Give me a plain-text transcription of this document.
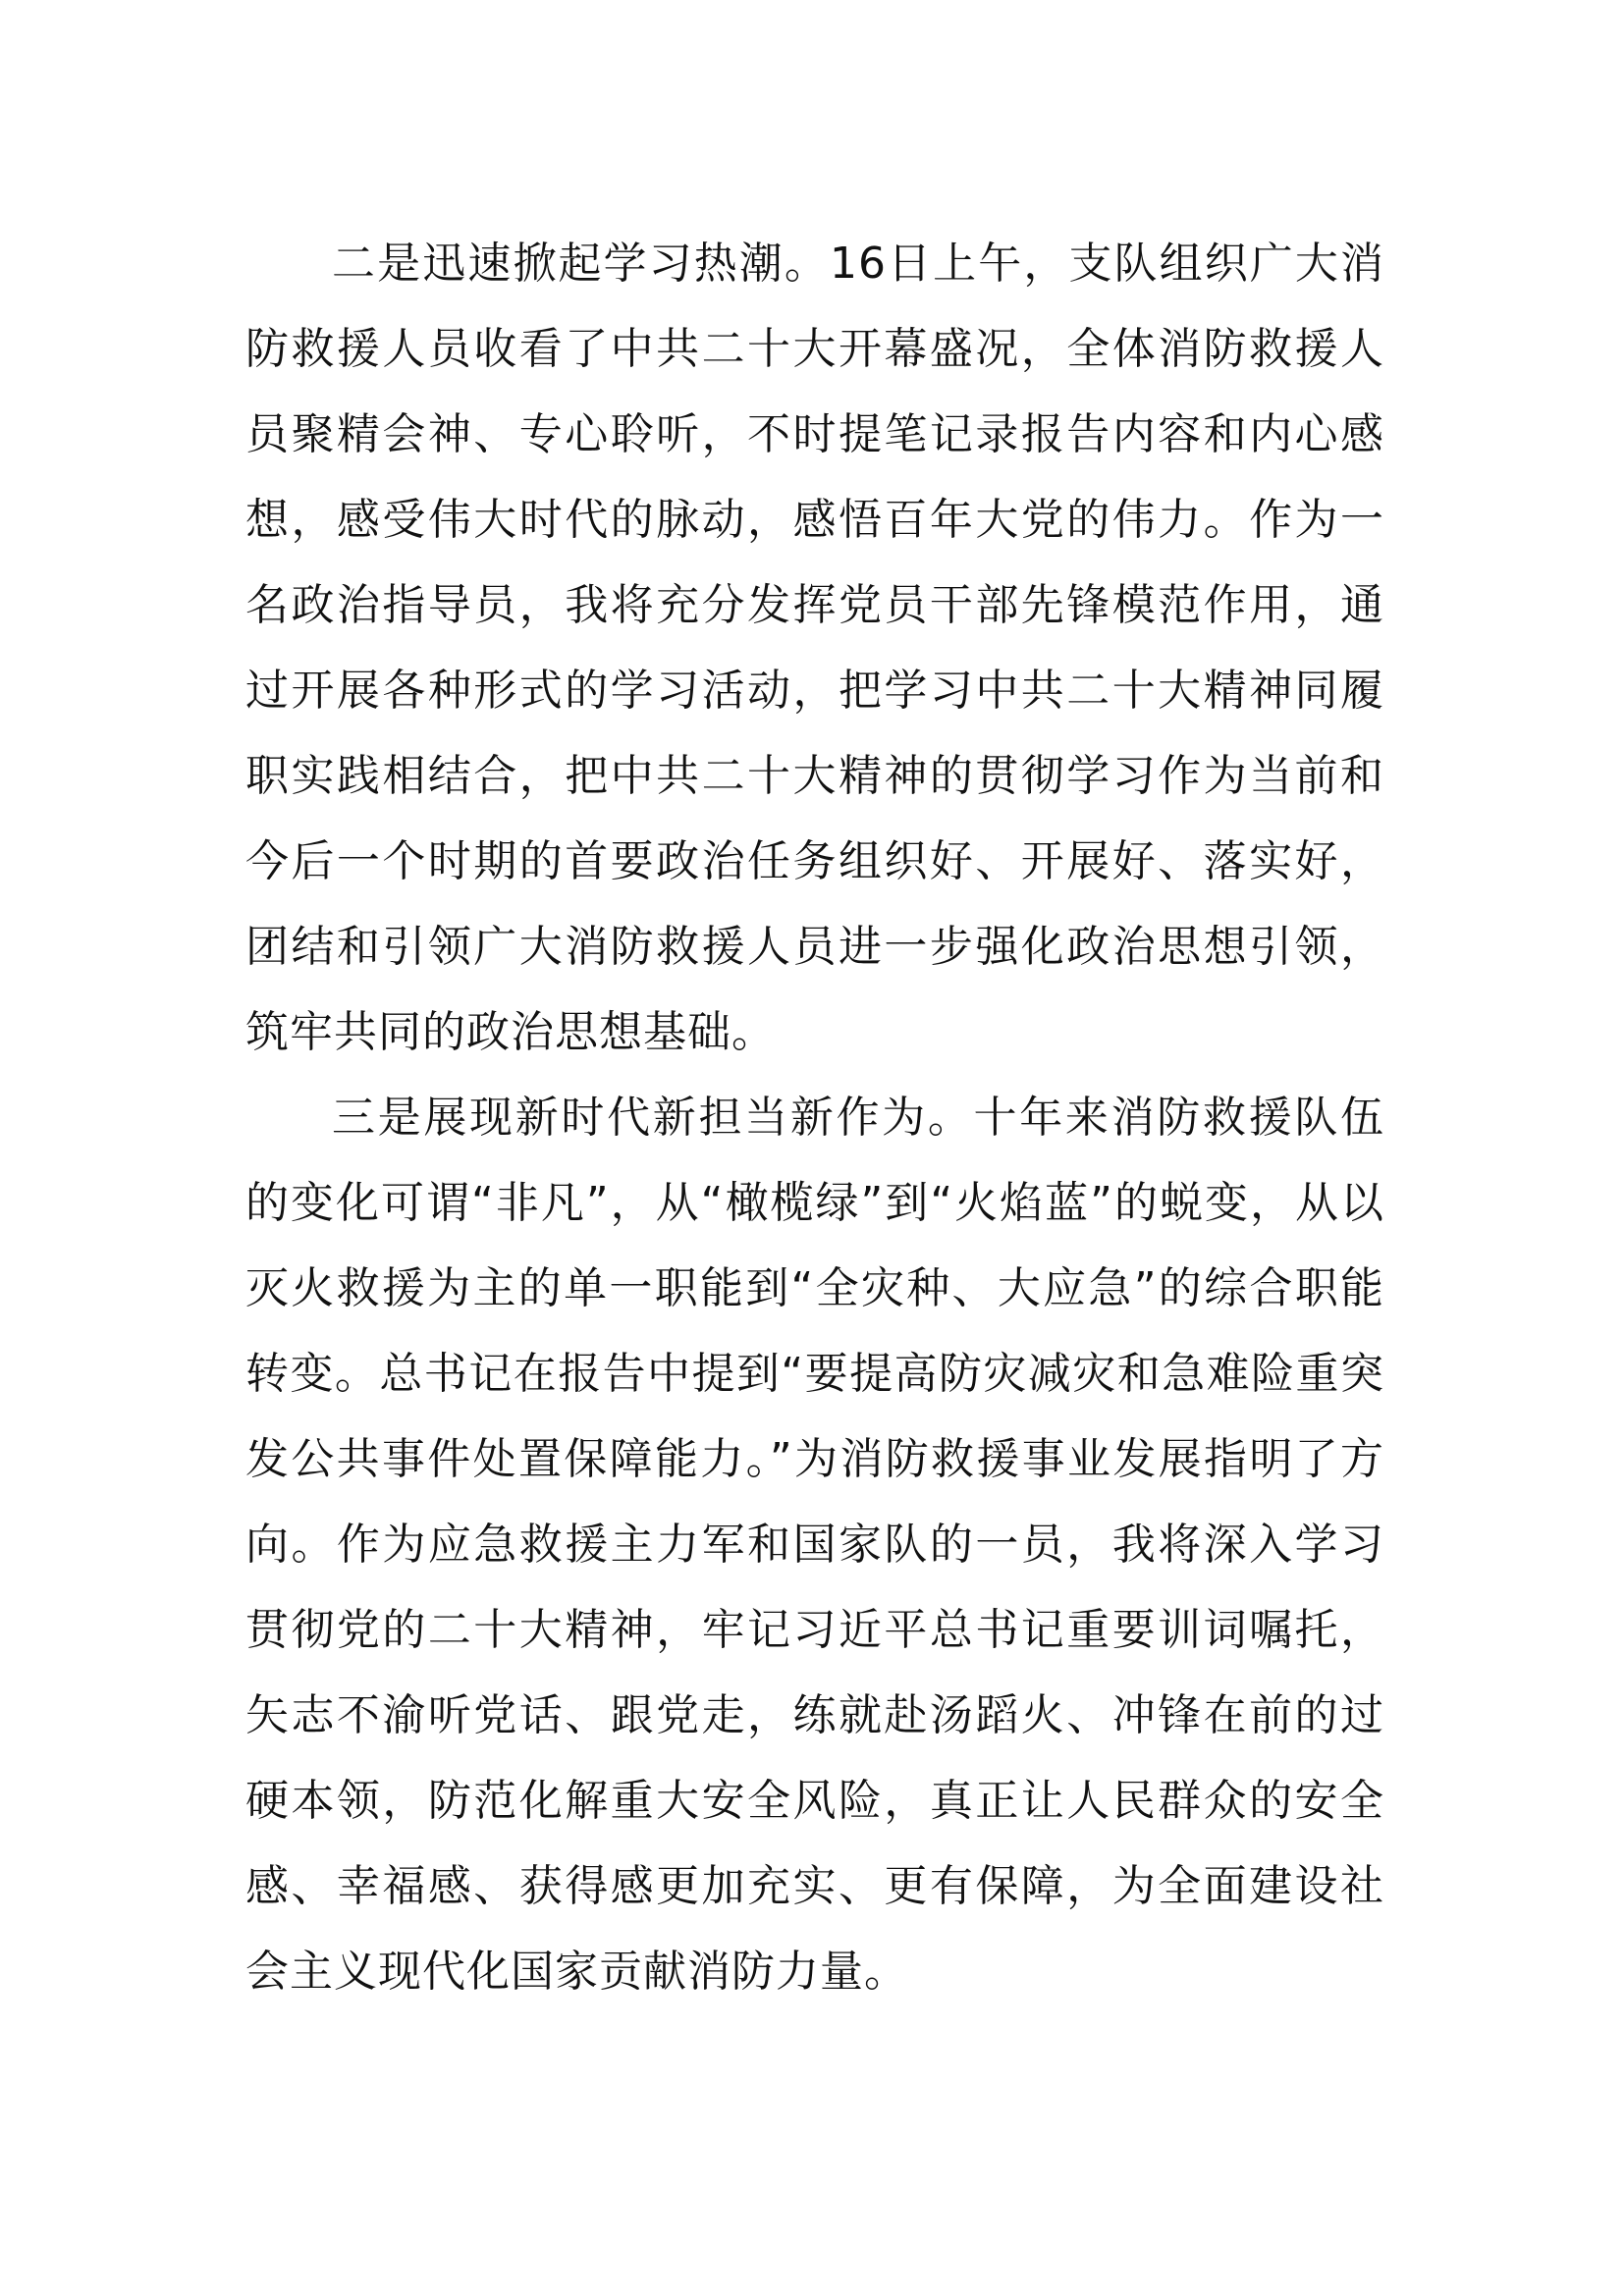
二是迅速掀起学习热潮。16日上午，支队组织广大消防救援人员收看了中共二十大开幕盛况，全体消防救援人员聚精会神、专心聆听，不时提笔记录报告内容和内心感想，感受伟大时代的脉动，感悟百年大党的伟力。作为一名政治指导员，我将充分发挥党员干部先锋模范作用，通过开展各种形式的学习活动，把学习中共二十大精神同履职实践相结合，把中共二十大精神的贯彻学习作为当前和今后一个时期的首要政治任务组织好、开展好、落实好，团结和引领广大消防救援人员进一步强化政治思想引领，筑牢共同的政治思想基础。

三是展现新时代新担当新作为。十年来消防救援队伍的变化可谓“非凡”，从“橄榄绿”到“火焰蓝”的蜕变，从以灭火救援为主的单一职能到“全灾种、大应急”的综合职能转变。总书记在报告中提到“要提高防灾减灾和急难险重突发公共事件处置保障能力。”为消防救援事业发展指明了方向。作为应急救援主力军和国家队的一员，我将深入学习贯彻党的二十大精神，牢记习近平总书记重要训词嘱托，矢志不渝听党话、跟党走，练就赴汤蹈火、冲锋在前的过硬本领，防范化解重大安全风险，真正让人民群众的安全感、幸福感、获得感更加充实、更有保障，为全面建设社会主义现代化国家贡献消防力量。
